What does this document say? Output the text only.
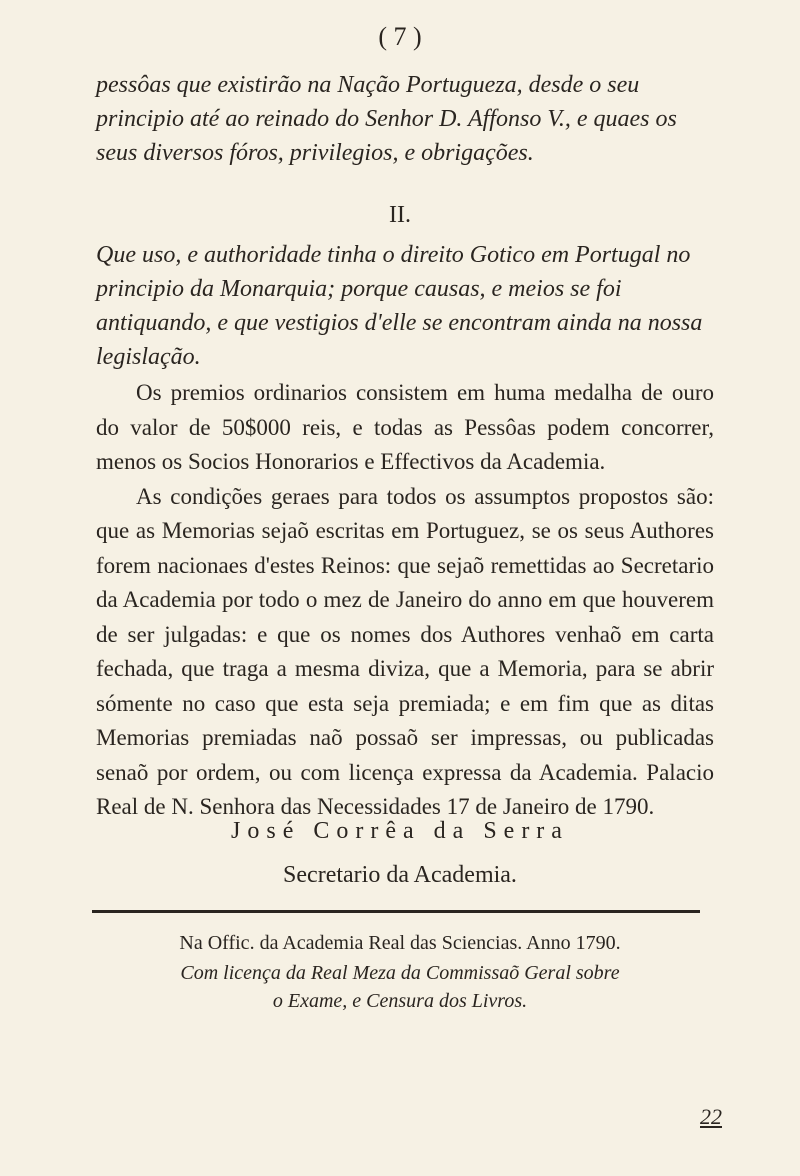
( 7 )
pessôas que existirão na Nação Portugueza, desde o seu principio até ao reinado do Senhor D. Affonso V., e quaes os seus diversos fóros, privilegios, e obrigações.
II.
Que uso, e authoridade tinha o direito Gotico em Portugal no principio da Monarquia; porque causas, e meios se foi antiquando, e que vestigios d'elle se encontram ainda na nossa legislação.

Os premios ordinarios consistem em huma medalha de ouro do valor de 50$000 reis, e todas as Pessôas podem concorrer, menos os Socios Honorarios e Effectivos da Academia.

As condições geraes para todos os assumptos propostos são: que as Memorias sejaõ escritas em Portuguez, se os seus Authores forem nacionaes d'estes Reinos: que sejaõ remettidas ao Secretario da Academia por todo o mez de Janeiro do anno em que houverem de ser julgadas: e que os nomes dos Authores venhaõ em carta fechada, que traga a mesma diviza, que a Memoria, para se abrir sómente no caso que esta seja premiada; e em fim que as ditas Memorias premiadas naõ possaõ ser impressas, ou publicadas senaõ por ordem, ou com licença expressa da Academia. Palacio Real de N. Senhora das Necessidades 17 de Janeiro de 1790.

José Corrêa da Serra
Secretario da Academia.
Na Offic. da Academia Real das Sciencias. Anno 1790.
Com licença da Real Meza da Commissaõ Geral sobre
o Exame, e Censura dos Livros.
22
